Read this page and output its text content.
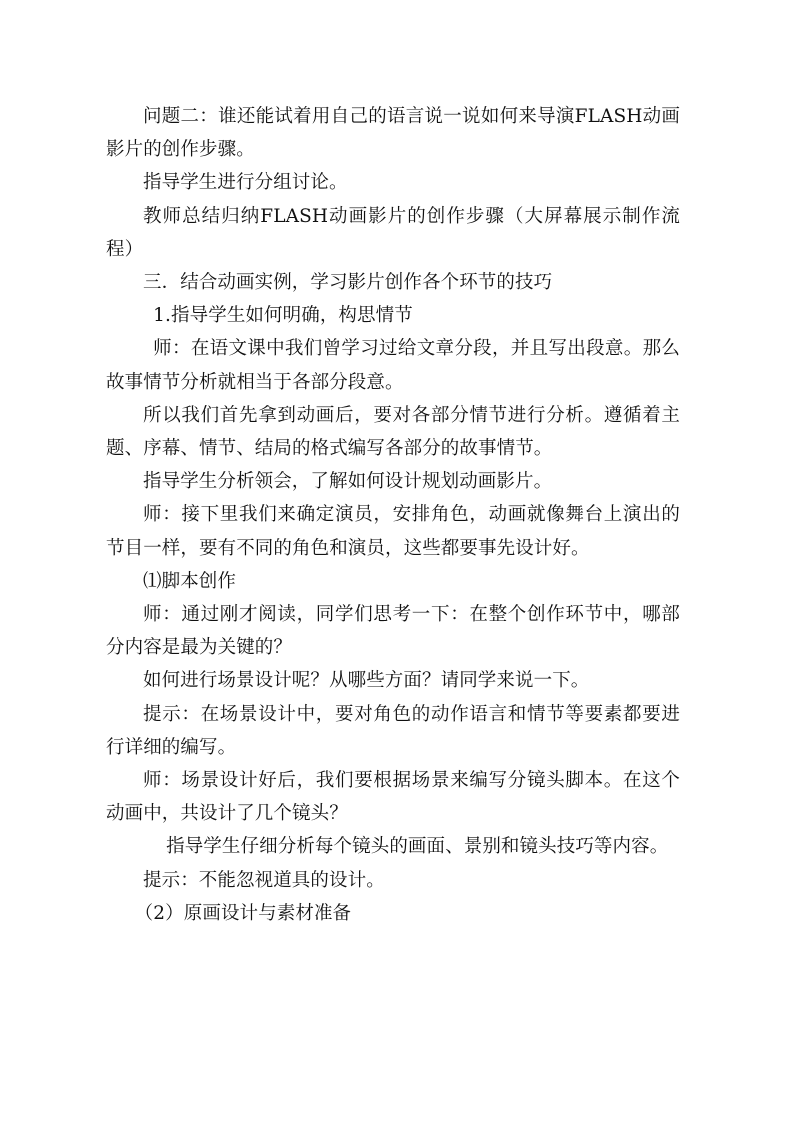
问题二：谁还能试着用自己的语言说一说如何来导演FLASH动画影片的创作步骤。

指导学生进行分组讨论。

教师总结归纳FLASH动画影片的创作步骤（大屏幕展示制作流程）

三．结合动画实例，学习影片创作各个环节的技巧

1.指导学生如何明确，构思情节

师：在语文课中我们曾学习过给文章分段，并且写出段意。那么故事情节分析就相当于各部分段意。

所以我们首先拿到动画后，要对各部分情节进行分析。遵循着主题、序幕、情节、结局的格式编写各部分的故事情节。

指导学生分析领会，了解如何设计规划动画影片。

师：接下里我们来确定演员，安排角色，动画就像舞台上演出的节目一样，要有不同的角色和演员，这些都要事先设计好。

⑴脚本创作

师：通过刚才阅读，同学们思考一下：在整个创作环节中，哪部分内容是最为关键的？

如何进行场景设计呢？从哪些方面？请同学来说一下。

提示：在场景设计中，要对角色的动作语言和情节等要素都要进行详细的编写。

师：场景设计好后，我们要根据场景来编写分镜头脚本。在这个动画中，共设计了几个镜头？

指导学生仔细分析每个镜头的画面、景别和镜头技巧等内容。

提示：不能忽视道具的设计。

（2）原画设计与素材准备
